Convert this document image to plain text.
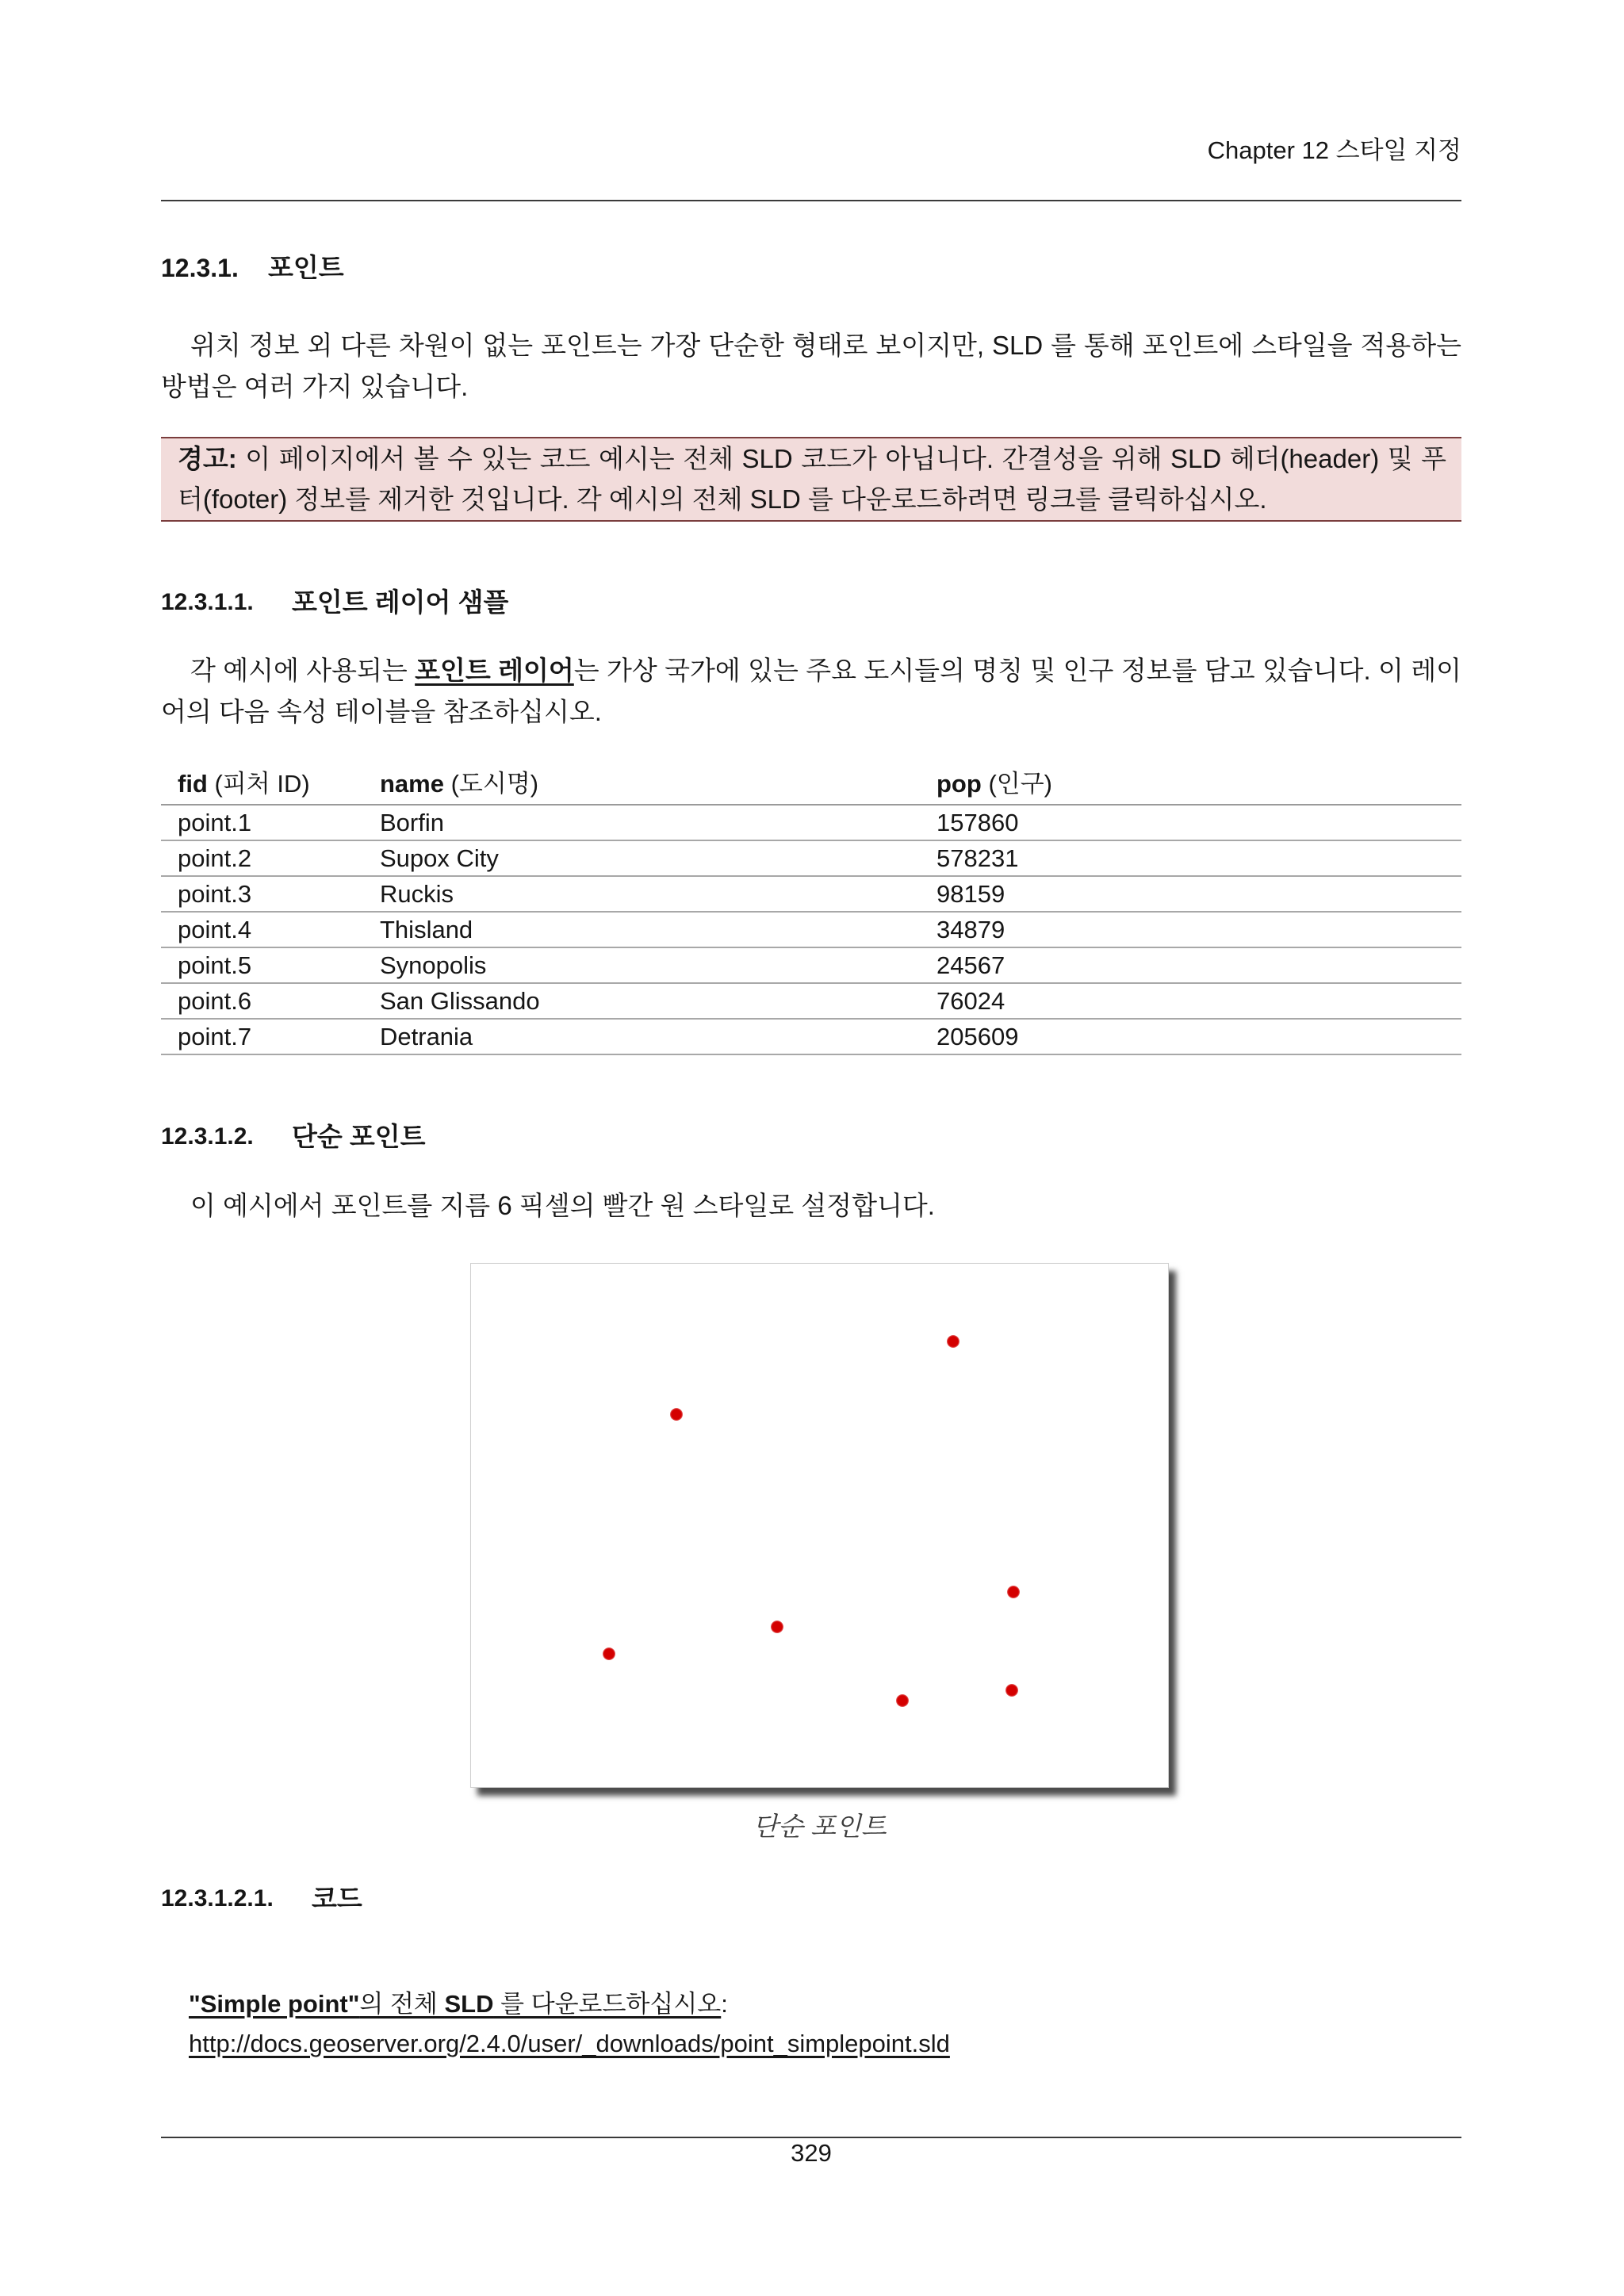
Chapter 12 스타일 지정
12.3.1. 포인트
위치 정보 외 다른 차원이 없는 포인트는 가장 단순한 형태로 보이지만, SLD 를 통해 포인트에 스타일을 적용하는 방법은 여러 가지 있습니다.
경고: 이 페이지에서 볼 수 있는 코드 예시는 전체 SLD 코드가 아닙니다. 간결성을 위해 SLD 헤더(header) 및 푸터(footer) 정보를 제거한 것입니다. 각 예시의 전체 SLD 를 다운로드하려면 링크를 클릭하십시오.
12.3.1.1. 포인트 레이어 샘플
각 예시에 사용되는 포인트 레이어는 가상 국가에 있는 주요 도시들의 명칭 및 인구 정보를 담고 있습니다. 이 레이어의 다음 속성 테이블을 참조하십시오.
fid (피처 ID)	name (도시명)	pop (인구)
point.1	Borfin	157860
point.2	Supox City	578231
point.3	Ruckis	98159
point.4	Thisland	34879
point.5	Synopolis	24567
point.6	San Glissando	76024
point.7	Detrania	205609
12.3.1.2. 단순 포인트
이 예시에서 포인트를 지름 6 픽셀의 빨간 원 스타일로 설정합니다.
단순 포인트
12.3.1.2.1. 코드
"Simple point"의 전체 SLD 를 다운로드하십시오:
http://docs.geoserver.org/2.4.0/user/_downloads/point_simplepoint.sld
329
